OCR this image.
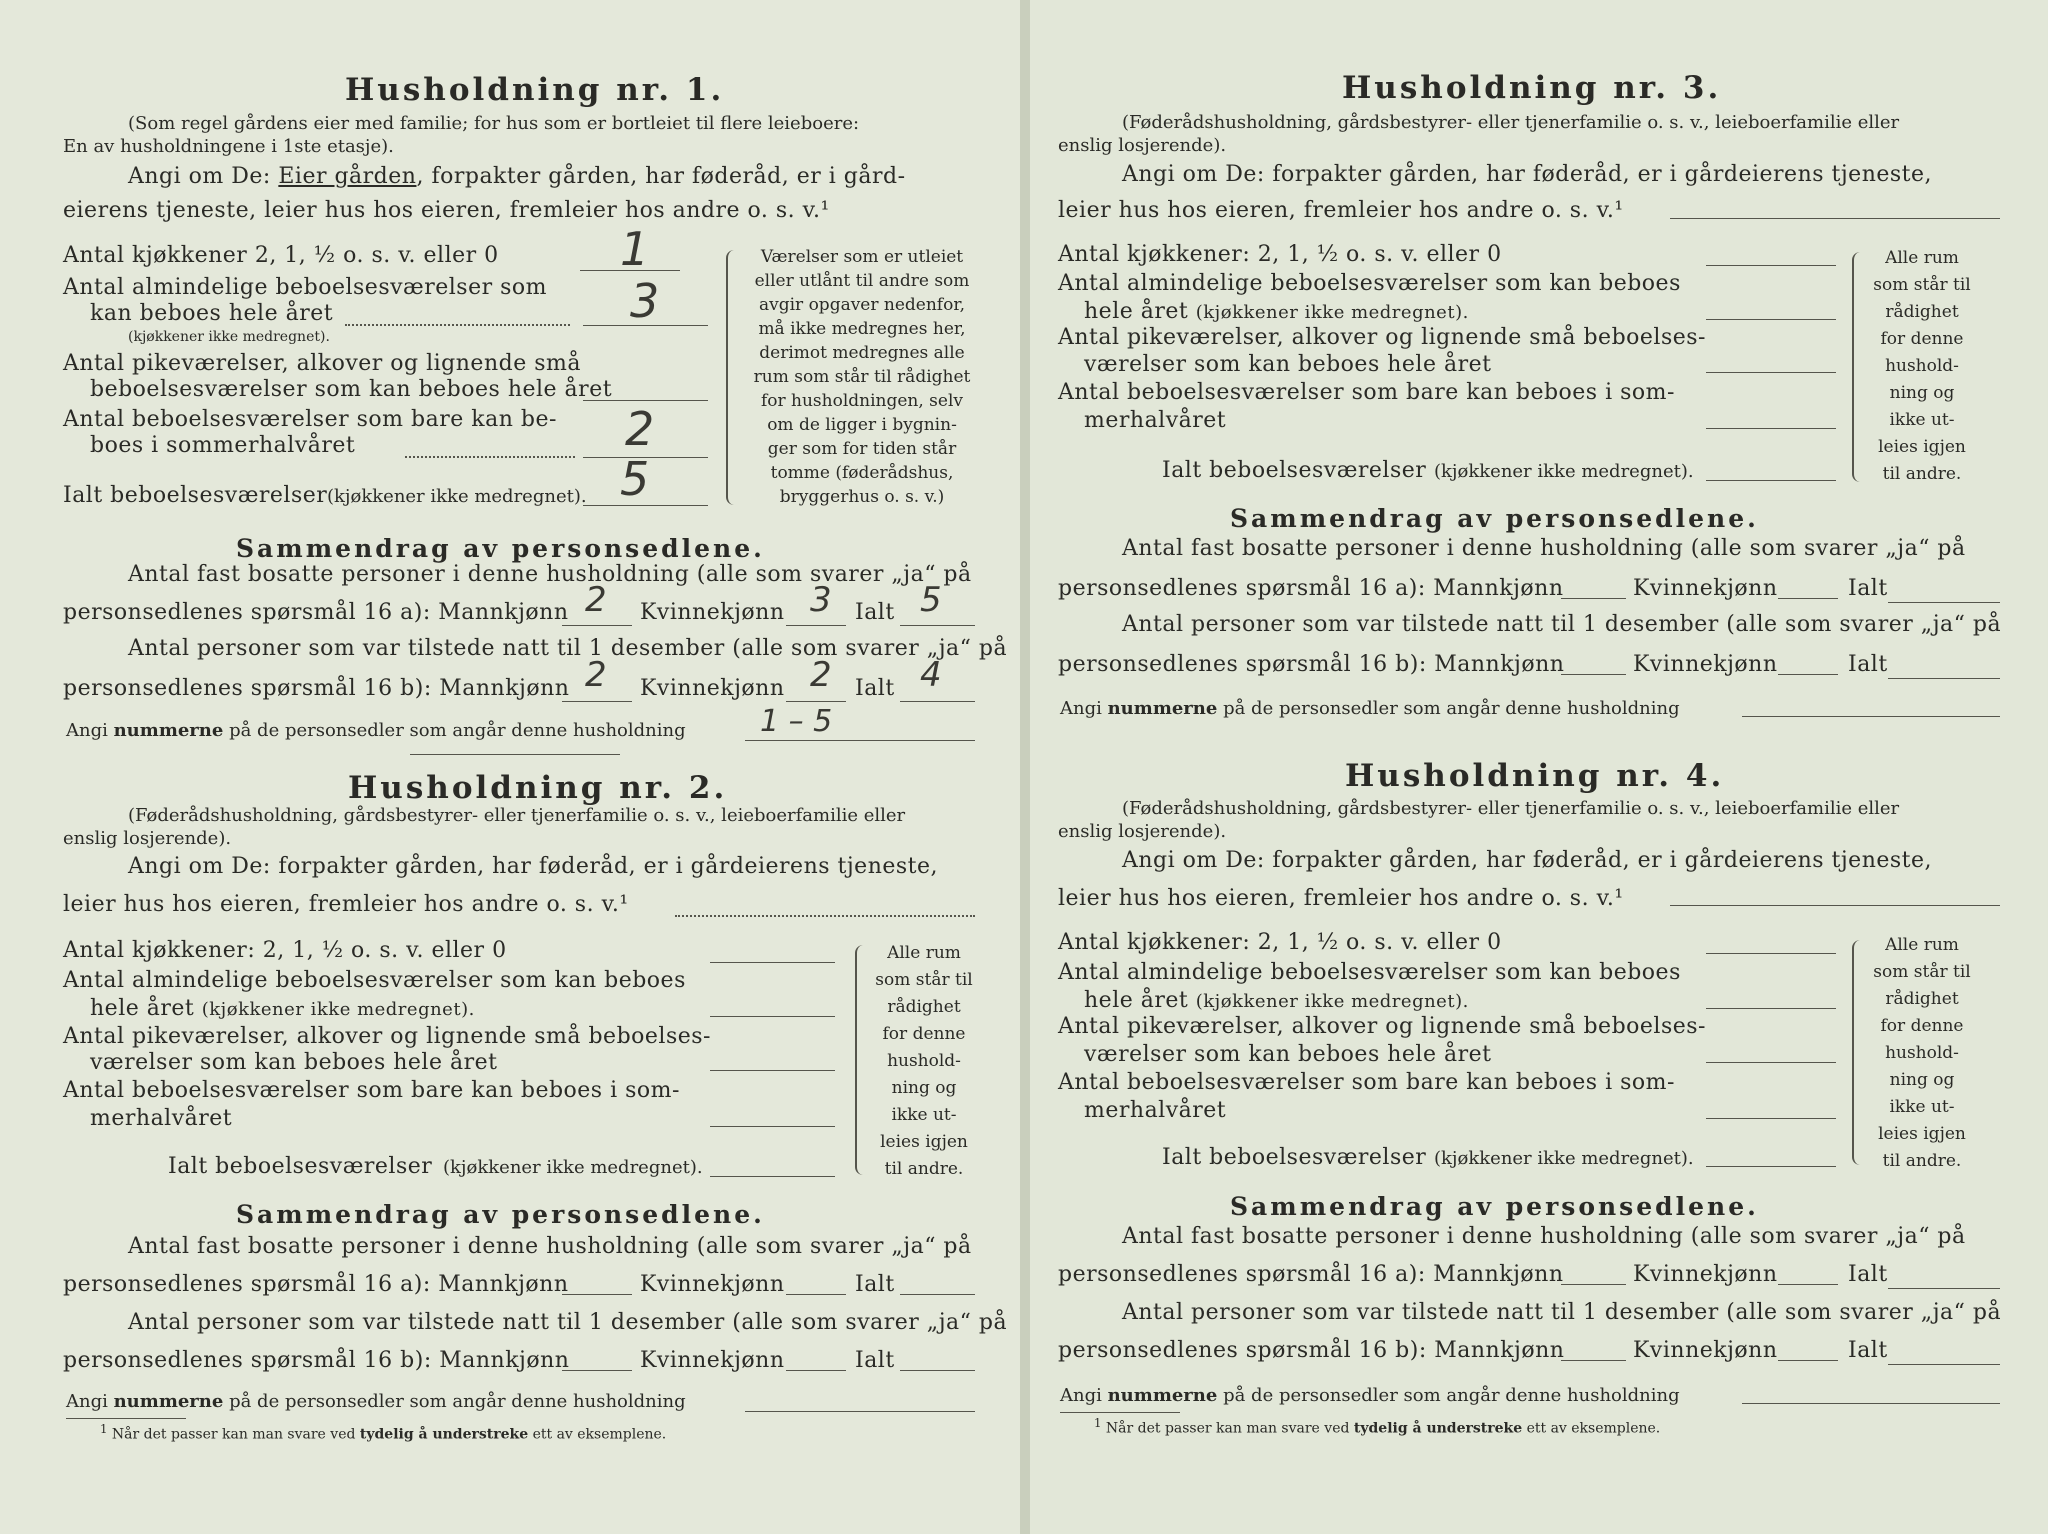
Husholdning nr. 1.
(Som regel gårdens eier med familie; for hus som er bortleiet til flere leieboere:
En av husholdningene i 1ste etasje).
Angi om De: Eier gården, forpakter gården, har føderåd, er i gård-
eierens tjeneste, leier hus hos eieren, fremleier hos andre o. s. v.¹
Antal kjøkkener 2, 1, ½ o. s. v. eller 0	1
Antal almindelige beboelsesværelser som
kan beboes hele året	3
(kjøkkener ikke medregnet).
Antal pikeværelser, alkover og lignende små
beboelsesværelser som kan beboes hele året
Antal beboelsesværelser som bare kan be-
boes i sommerhalvåret	2
Ialt beboelsesværelser (kjøkkener ikke medregnet). 5
Værelser som er utleiet
eller utlånt til andre som
avgir opgaver nedenfor,
må ikke medregnes her,
derimot medregnes alle
rum som står til rådighet
for husholdningen, selv
om de ligger i bygnin-
ger som for tiden står
tomme (føderådshus,
bryggerhus o. s. v.)
Sammendrag av personsedlene.
Antal fast bosatte personer i denne husholdning (alle som svarer „ja“ på
personsedlenes spørsmål 16 a): Mannkjønn 2 Kvinnekjønn 3 Ialt 5
Antal personer som var tilstede natt til 1 desember (alle som svarer „ja“ på
personsedlenes spørsmål 16 b): Mannkjønn 2 Kvinnekjønn 2 Ialt 4
Angi nummerne på de personsedler som angår denne husholdning 1 – 5
Husholdning nr. 2.
(Føderådshusholdning, gårdsbestyrer- eller tjenerfamilie o. s. v., leieboerfamilie eller
enslig losjerende).
Angi om De: forpakter gården, har føderåd, er i gårdeierens tjeneste,
leier hus hos eieren, fremleier hos andre o. s. v.¹
Antal kjøkkener: 2, 1, ½ o. s. v. eller 0
Antal almindelige beboelsesværelser som kan beboes
hele året (kjøkkener ikke medregnet).
Antal pikeværelser, alkover og lignende små beboelses-
værelser som kan beboes hele året
Antal beboelsesværelser som bare kan beboes i som-
merhalvåret
Ialt beboelsesværelser (kjøkkener ikke medregnet).
Alle rum
som står til
rådighet
for denne
hushold-
ning og
ikke ut-
leies igjen
til andre.
Sammendrag av personsedlene.
Antal fast bosatte personer i denne husholdning (alle som svarer „ja“ på
personsedlenes spørsmål 16 a): Mannkjønn	Kvinnekjønn	Ialt
Antal personer som var tilstede natt til 1 desember (alle som svarer „ja“ på
personsedlenes spørsmål 16 b): Mannkjønn	Kvinnekjønn	Ialt
Angi nummerne på de personsedler som angår denne husholdning
$^1$ Når det passer kan man svare ved tydelig å understreke ett av eksemplene.
Husholdning nr. 3.
(Føderådshusholdning, gårdsbestyrer- eller tjenerfamilie o. s. v., leieboerfamilie eller
enslig losjerende).
Angi om De: forpakter gården, har føderåd, er i gårdeierens tjeneste,
leier hus hos eieren, fremleier hos andre o. s. v.¹
Antal kjøkkener: 2, 1, ½ o. s. v. eller 0
Antal almindelige beboelsesværelser som kan beboes
hele året (kjøkkener ikke medregnet).
Antal pikeværelser, alkover og lignende små beboelses-
værelser som kan beboes hele året
Antal beboelsesværelser som bare kan beboes i som-
merhalvåret
Ialt beboelsesværelser (kjøkkener ikke medregnet).
Alle rum
som står til
rådighet
for denne
hushold-
ning og
ikke ut-
leies igjen
til andre.
Sammendrag av personsedlene.
Antal fast bosatte personer i denne husholdning (alle som svarer „ja“ på
personsedlenes spørsmål 16 a): Mannkjønn	Kvinnekjønn	Ialt
Antal personer som var tilstede natt til 1 desember (alle som svarer „ja“ på
personsedlenes spørsmål 16 b): Mannkjønn	Kvinnekjønn	Ialt
Angi nummerne på de personsedler som angår denne husholdning
Husholdning nr. 4.
(Føderådshusholdning, gårdsbestyrer- eller tjenerfamilie o. s. v., leieboerfamilie eller
enslig losjerende).
Angi om De: forpakter gården, har føderåd, er i gårdeierens tjeneste,
leier hus hos eieren, fremleier hos andre o. s. v.¹
Antal kjøkkener: 2, 1, ½ o. s. v. eller 0
Antal almindelige beboelsesværelser som kan beboes
hele året (kjøkkener ikke medregnet).
Antal pikeværelser, alkover og lignende små beboelses-
værelser som kan beboes hele året
Antal beboelsesværelser som bare kan beboes i som-
merhalvåret
Ialt beboelsesværelser (kjøkkener ikke medregnet).
Alle rum
som står til
rådighet
for denne
hushold-
ning og
ikke ut-
leies igjen
til andre.
Sammendrag av personsedlene.
Antal fast bosatte personer i denne husholdning (alle som svarer „ja“ på
personsedlenes spørsmål 16 a): Mannkjønn	Kvinnekjønn	Ialt
Antal personer som var tilstede natt til 1 desember (alle som svarer „ja“ på
personsedlenes spørsmål 16 b): Mannkjønn	Kvinnekjønn	Ialt
Angi nummerne på de personsedler som angår denne husholdning
$^1$ Når det passer kan man svare ved tydelig å understreke ett av eksemplene.
